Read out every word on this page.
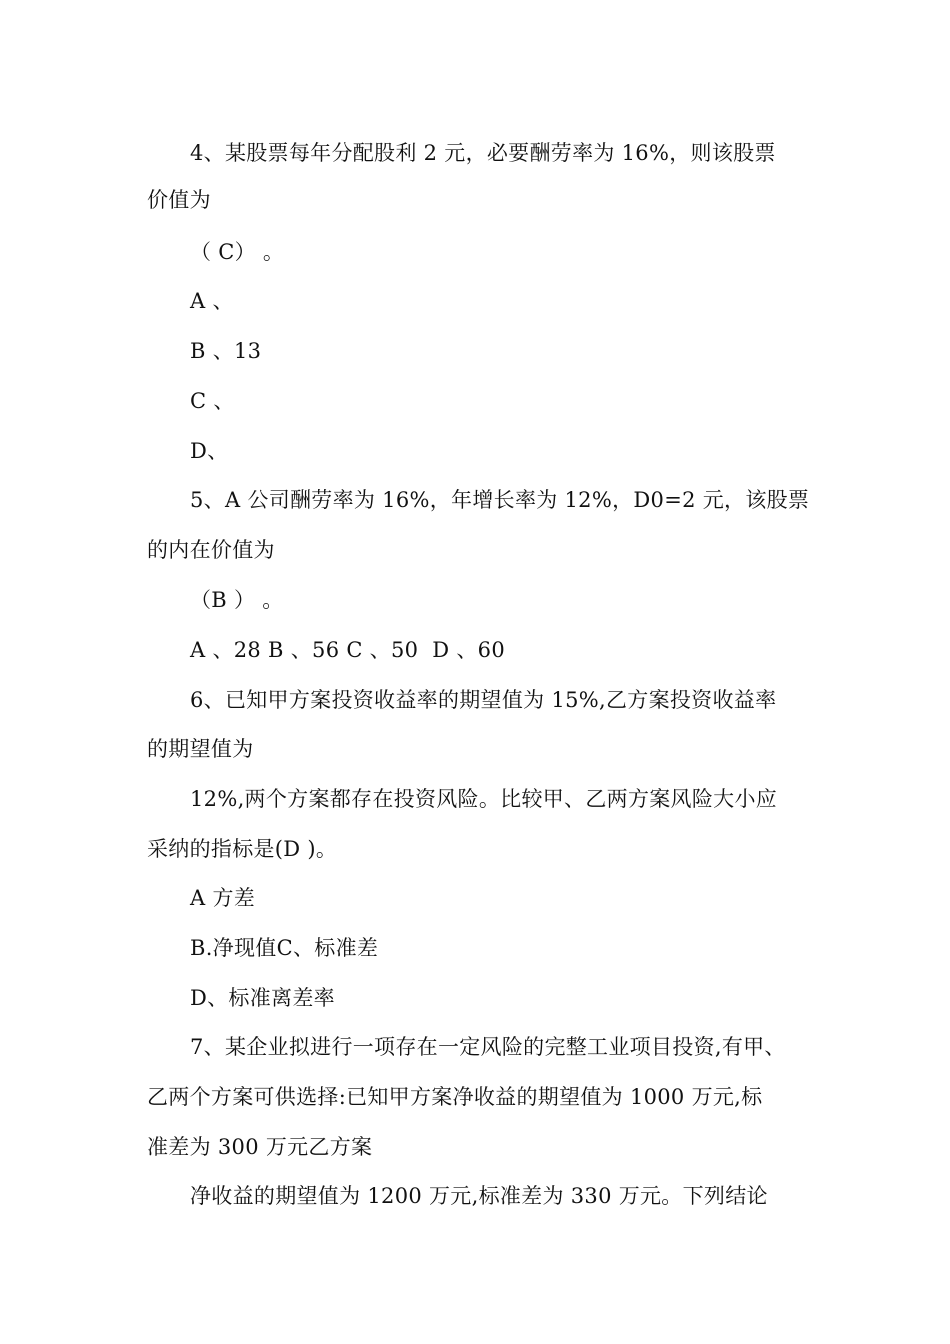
4、某股票每年分配股利 2 元，必要酬劳率为 16%，则该股票
价值为
（ C） 。
A 、
B 、13
C 、
D、
5、A 公司酬劳率为 16%，年增长率为 12%，D0=2 元，该股票
的内在价值为
（B ） 。
A 、28 B 、56 C 、50  D 、60
6、已知甲方案投资收益率的期望值为 15%,乙方案投资收益率
的期望值为
12%,两个方案都存在投资风险。比较甲、乙两方案风险大小应
采纳的指标是(D )。
A 方差
B.净现值C、标准差
D、标准离差率
7、某企业拟进行一项存在一定风险的完整工业项目投资,有甲、
乙两个方案可供选择:已知甲方案净收益的期望值为 1000 万元,标
准差为 300 万元乙方案
净收益的期望值为 1200 万元,标准差为 330 万元。下列结论
